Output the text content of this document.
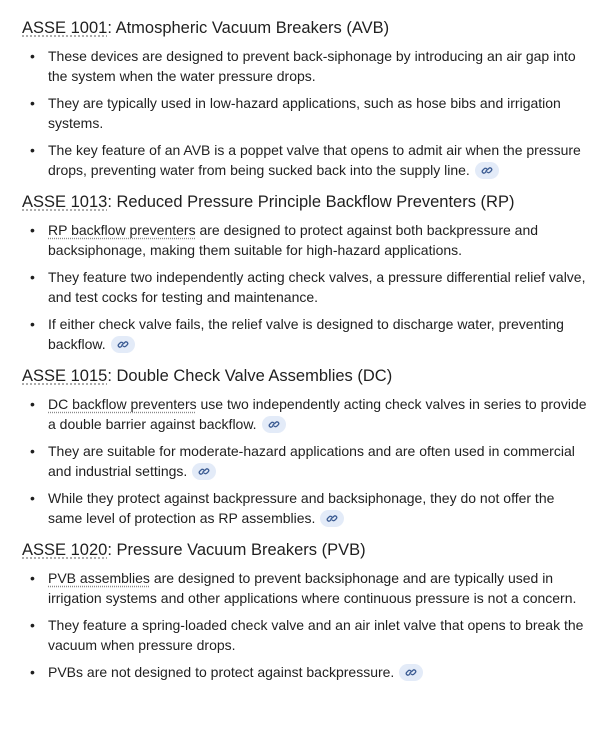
ASSE 1001: Atmospheric Vacuum Breakers (AVB)
• These devices are designed to prevent back-siphonage by introducing an air gap into the system when the water pressure drops.
• They are typically used in low-hazard applications, such as hose bibs and irrigation systems.
• The key feature of an AVB is a poppet valve that opens to admit air when the pressure drops, preventing water from being sucked back into the supply line.
ASSE 1013: Reduced Pressure Principle Backflow Preventers (RP)
• RP backflow preventers are designed to protect against both backpressure and backsiphonage, making them suitable for high-hazard applications.
• They feature two independently acting check valves, a pressure differential relief valve, and test cocks for testing and maintenance.
• If either check valve fails, the relief valve is designed to discharge water, preventing backflow.
ASSE 1015: Double Check Valve Assemblies (DC)
• DC backflow preventers use two independently acting check valves in series to provide a double barrier against backflow.
• They are suitable for moderate-hazard applications and are often used in commercial and industrial settings.
• While they protect against backpressure and backsiphonage, they do not offer the same level of protection as RP assemblies.
ASSE 1020: Pressure Vacuum Breakers (PVB)
• PVB assemblies are designed to prevent backsiphonage and are typically used in irrigation systems and other applications where continuous pressure is not a concern.
• They feature a spring-loaded check valve and an air inlet valve that opens to break the vacuum when pressure drops.
• PVBs are not designed to protect against backpressure.
